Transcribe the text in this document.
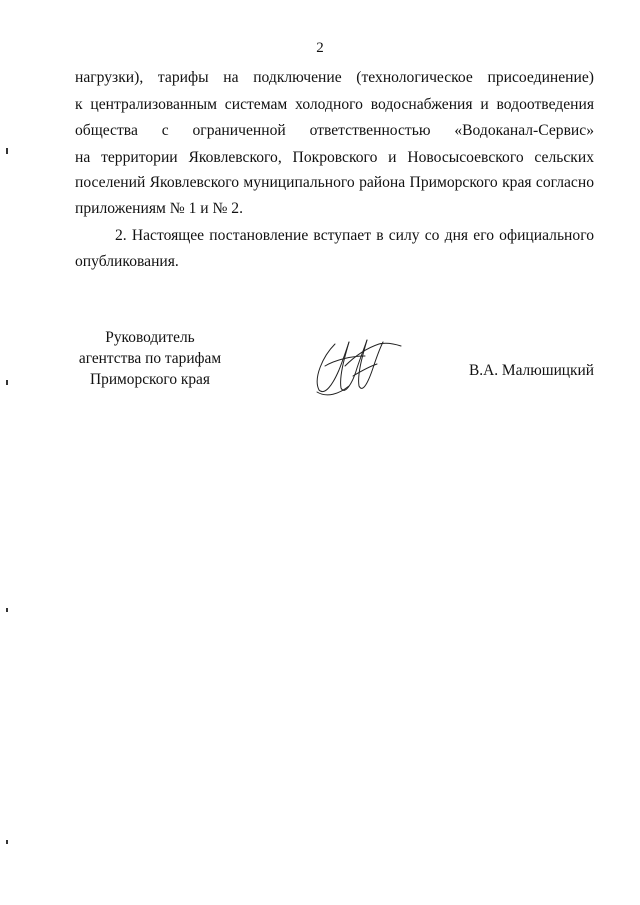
2
нагрузки), тарифы на подключение (технологическое присоединение)
к централизованным системам холодного водоснабжения и водоотведения
общества с ограниченной ответственностью «Водоканал-Сервис»
на территории Яковлевского, Покровского и Новосысоевского сельских
поселений Яковлевского муниципального района Приморского края согласно
приложениям № 1 и № 2.
2. Настоящее постановление вступает в силу со дня его официального
опубликования.
Руководитель
агентства по тарифам
Приморского края
В.А. Малюшицкий
